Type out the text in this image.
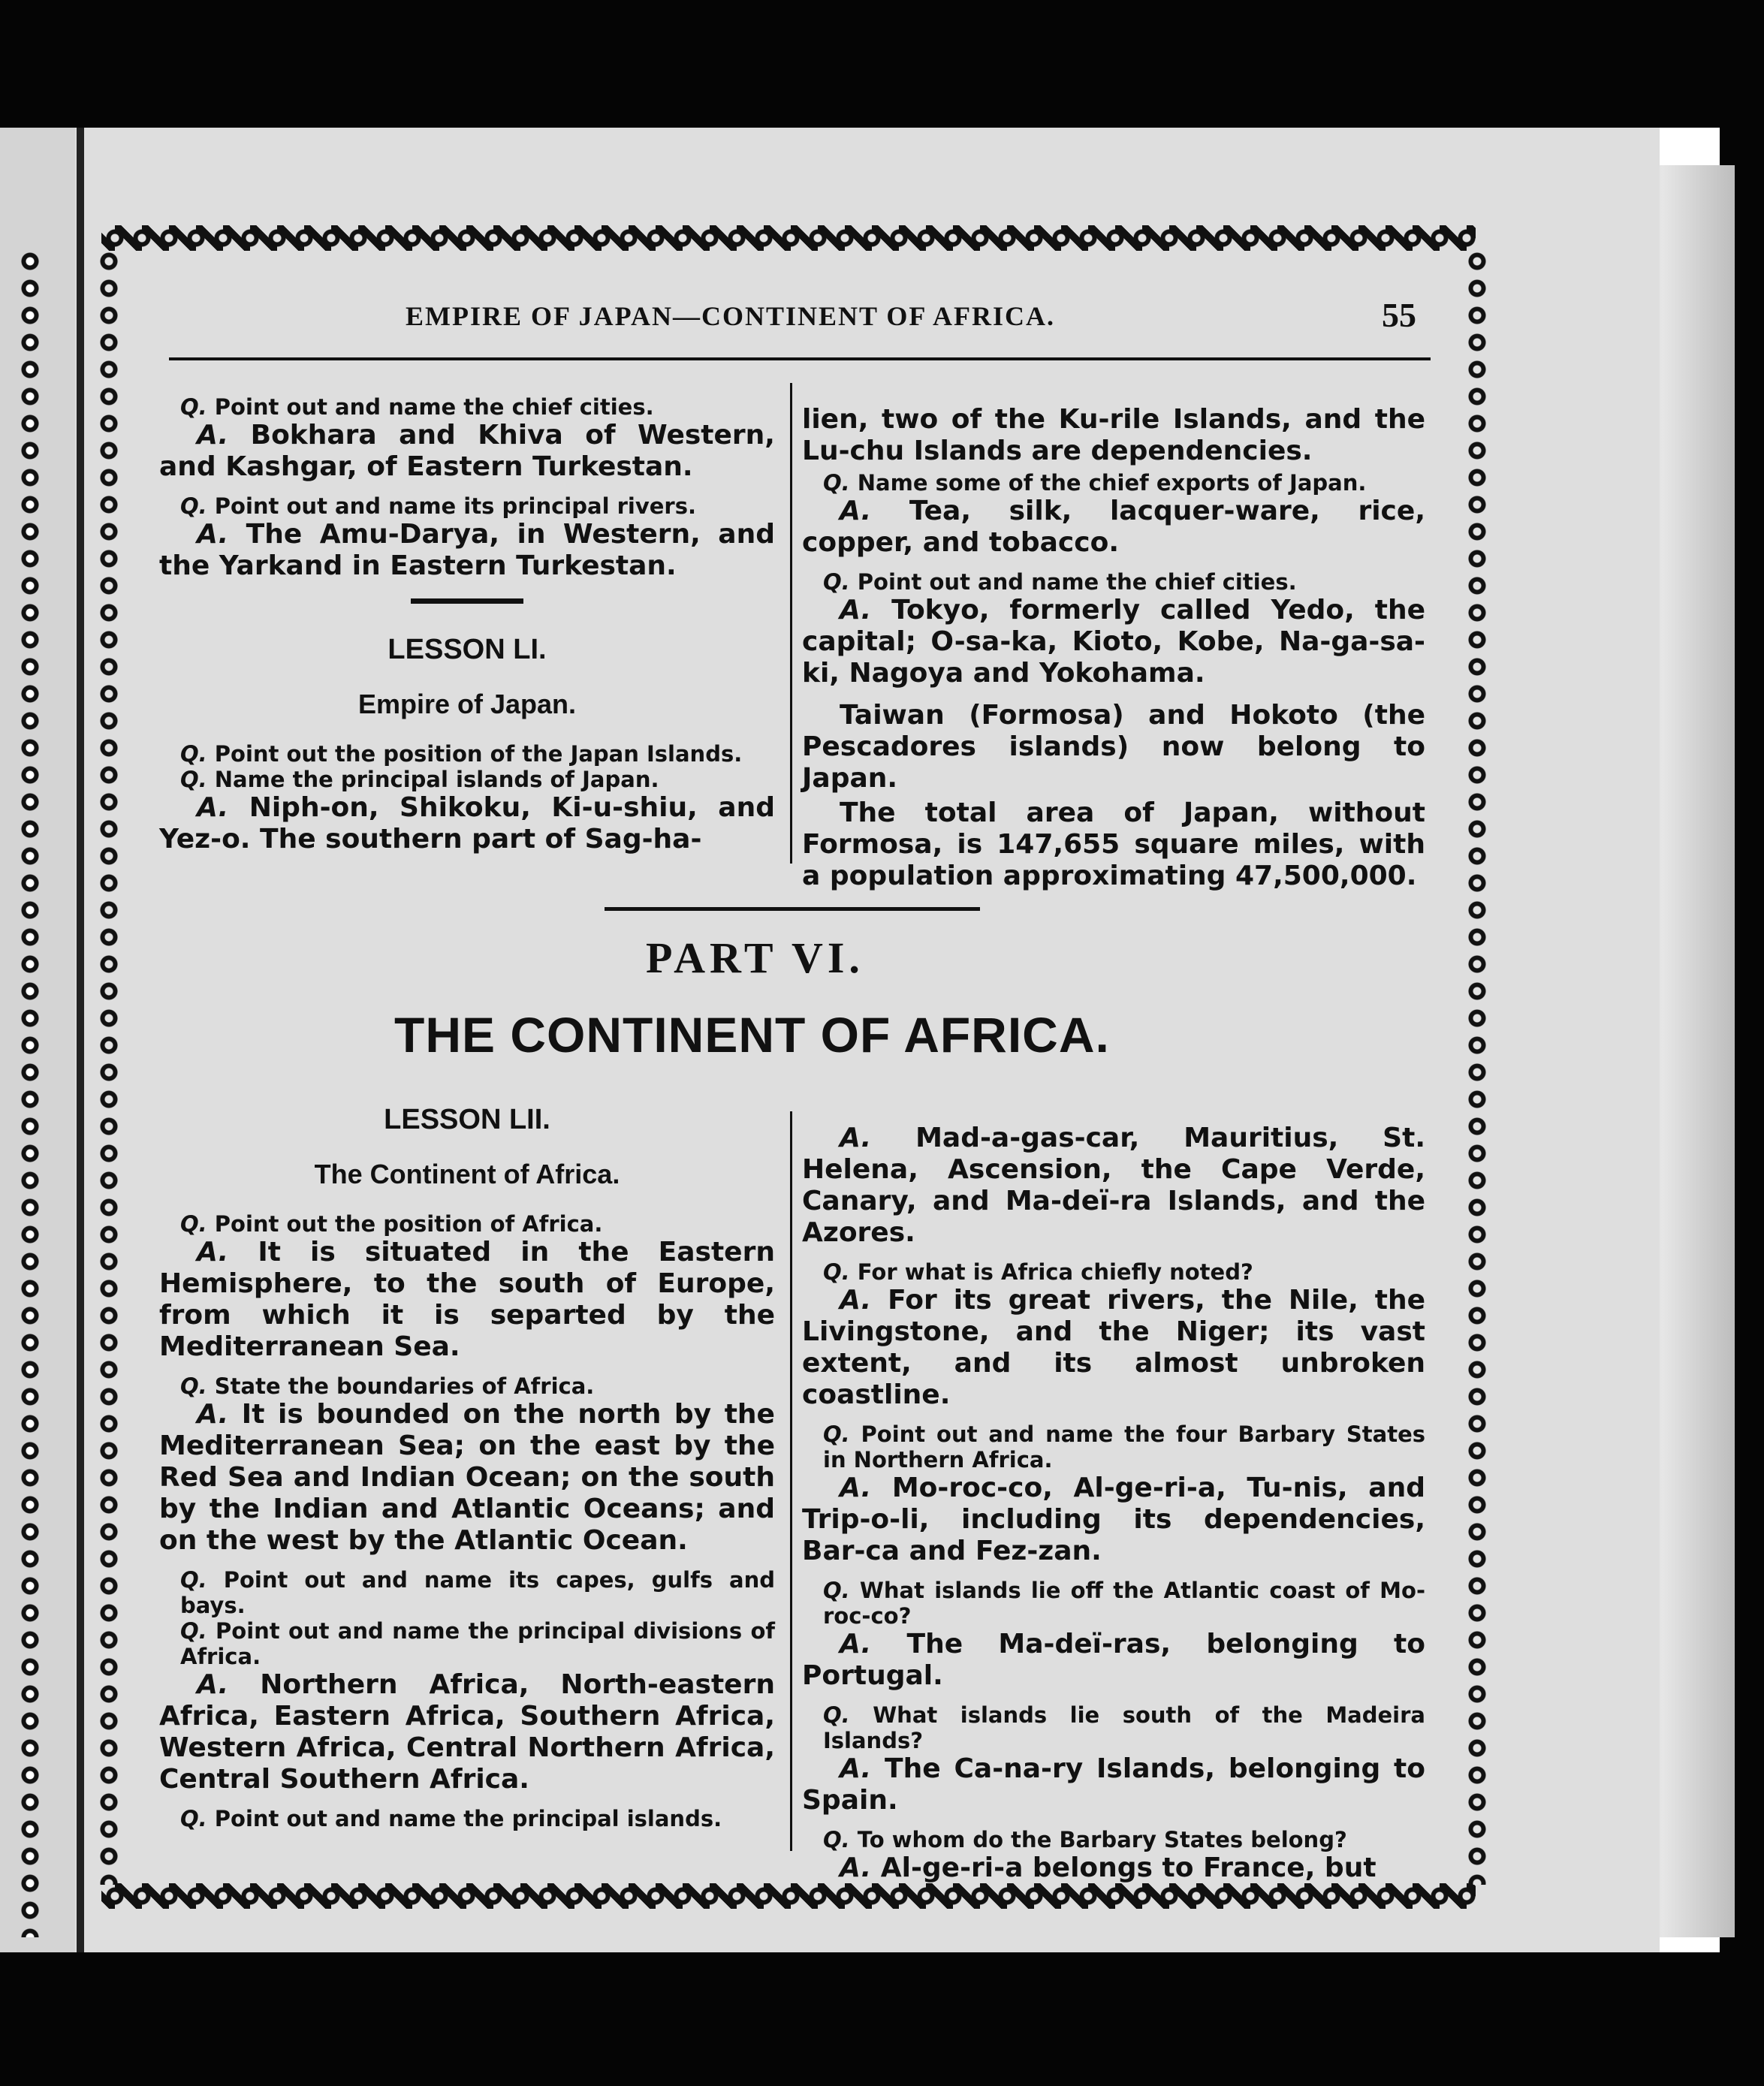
EMPIRE OF JAPAN—CONTINENT OF AFRICA.	55

Q. Point out and name the chief cities.

A. Bokhara and Khiva of Western, and Kashgar, of Eastern Turkestan.

Q. Point out and name its principal rivers.

A. The Amu-Darya, in Western, and the Yarkand in Eastern Turkestan.

LESSON LI.
Empire of Japan.

Q. Point out the position of the Japan Islands.

Q. Name the principal islands of Japan.

A. Niph-on, Shikoku, Ki-u-shiu, and Yez-o. The southern part of Sag-ha-

lien, two of the Ku-rile Islands, and the Lu-chu Islands are dependencies.

Q. Name some of the chief exports of Japan.

A. Tea, silk, lacquer-ware, rice, copper, and tobacco.

Q. Point out and name the chief cities.

A. Tokyo, formerly called Yedo, the capital; O-sa-ka, Kioto, Kobe, Na-ga-sa-ki, Nagoya and Yokohama.

Taiwan (Formosa) and Hokoto (the Pescadores islands) now belong to Japan.

The total area of Japan, without Formosa, is 147,655 square miles, with a population approximating 47,500,000.

PART VI.
THE CONTINENT OF AFRICA.
LESSON LII.
The Continent of Africa.

Q. Point out the position of Africa.

A. It is situated in the Eastern Hemisphere, to the south of Europe, from which it is separted by the Mediterranean Sea.

Q. State the boundaries of Africa.

A. It is bounded on the north by the Mediterranean Sea; on the east by the Red Sea and Indian Ocean; on the south by the Indian and Atlantic Oceans; and on the west by the Atlantic Ocean.

Q. Point out and name its capes, gulfs and bays.

Q. Point out and name the principal divisions of Africa.

A. Northern Africa, North-eastern Africa, Eastern Africa, Southern Africa, Western Africa, Central Northern Africa, Central Southern Africa.

Q. Point out and name the principal islands.

A. Mad-a-gas-car, Mauritius, St. Helena, Ascension, the Cape Verde, Canary, and Ma-deï-ra Islands, and the Azores.

Q. For what is Africa chiefly noted?

A. For its great rivers, the Nile, the Livingstone, and the Niger; its vast extent, and its almost unbroken coastline.

Q. Point out and name the four Barbary States in Northern Africa.

A. Mo-roc-co, Al-ge-ri-a, Tu-nis, and Trip-o-li, including its dependencies, Bar-ca and Fez-zan.

Q. What islands lie off the Atlantic coast of Mo-roc-co?

A. The Ma-deï-ras, belonging to Portugal.

Q. What islands lie south of the Madeira Islands?

A. The Ca-na-ry Islands, belonging to Spain.

Q. To whom do the Barbary States belong?

A. Al-ge-ri-a belongs to France, but
